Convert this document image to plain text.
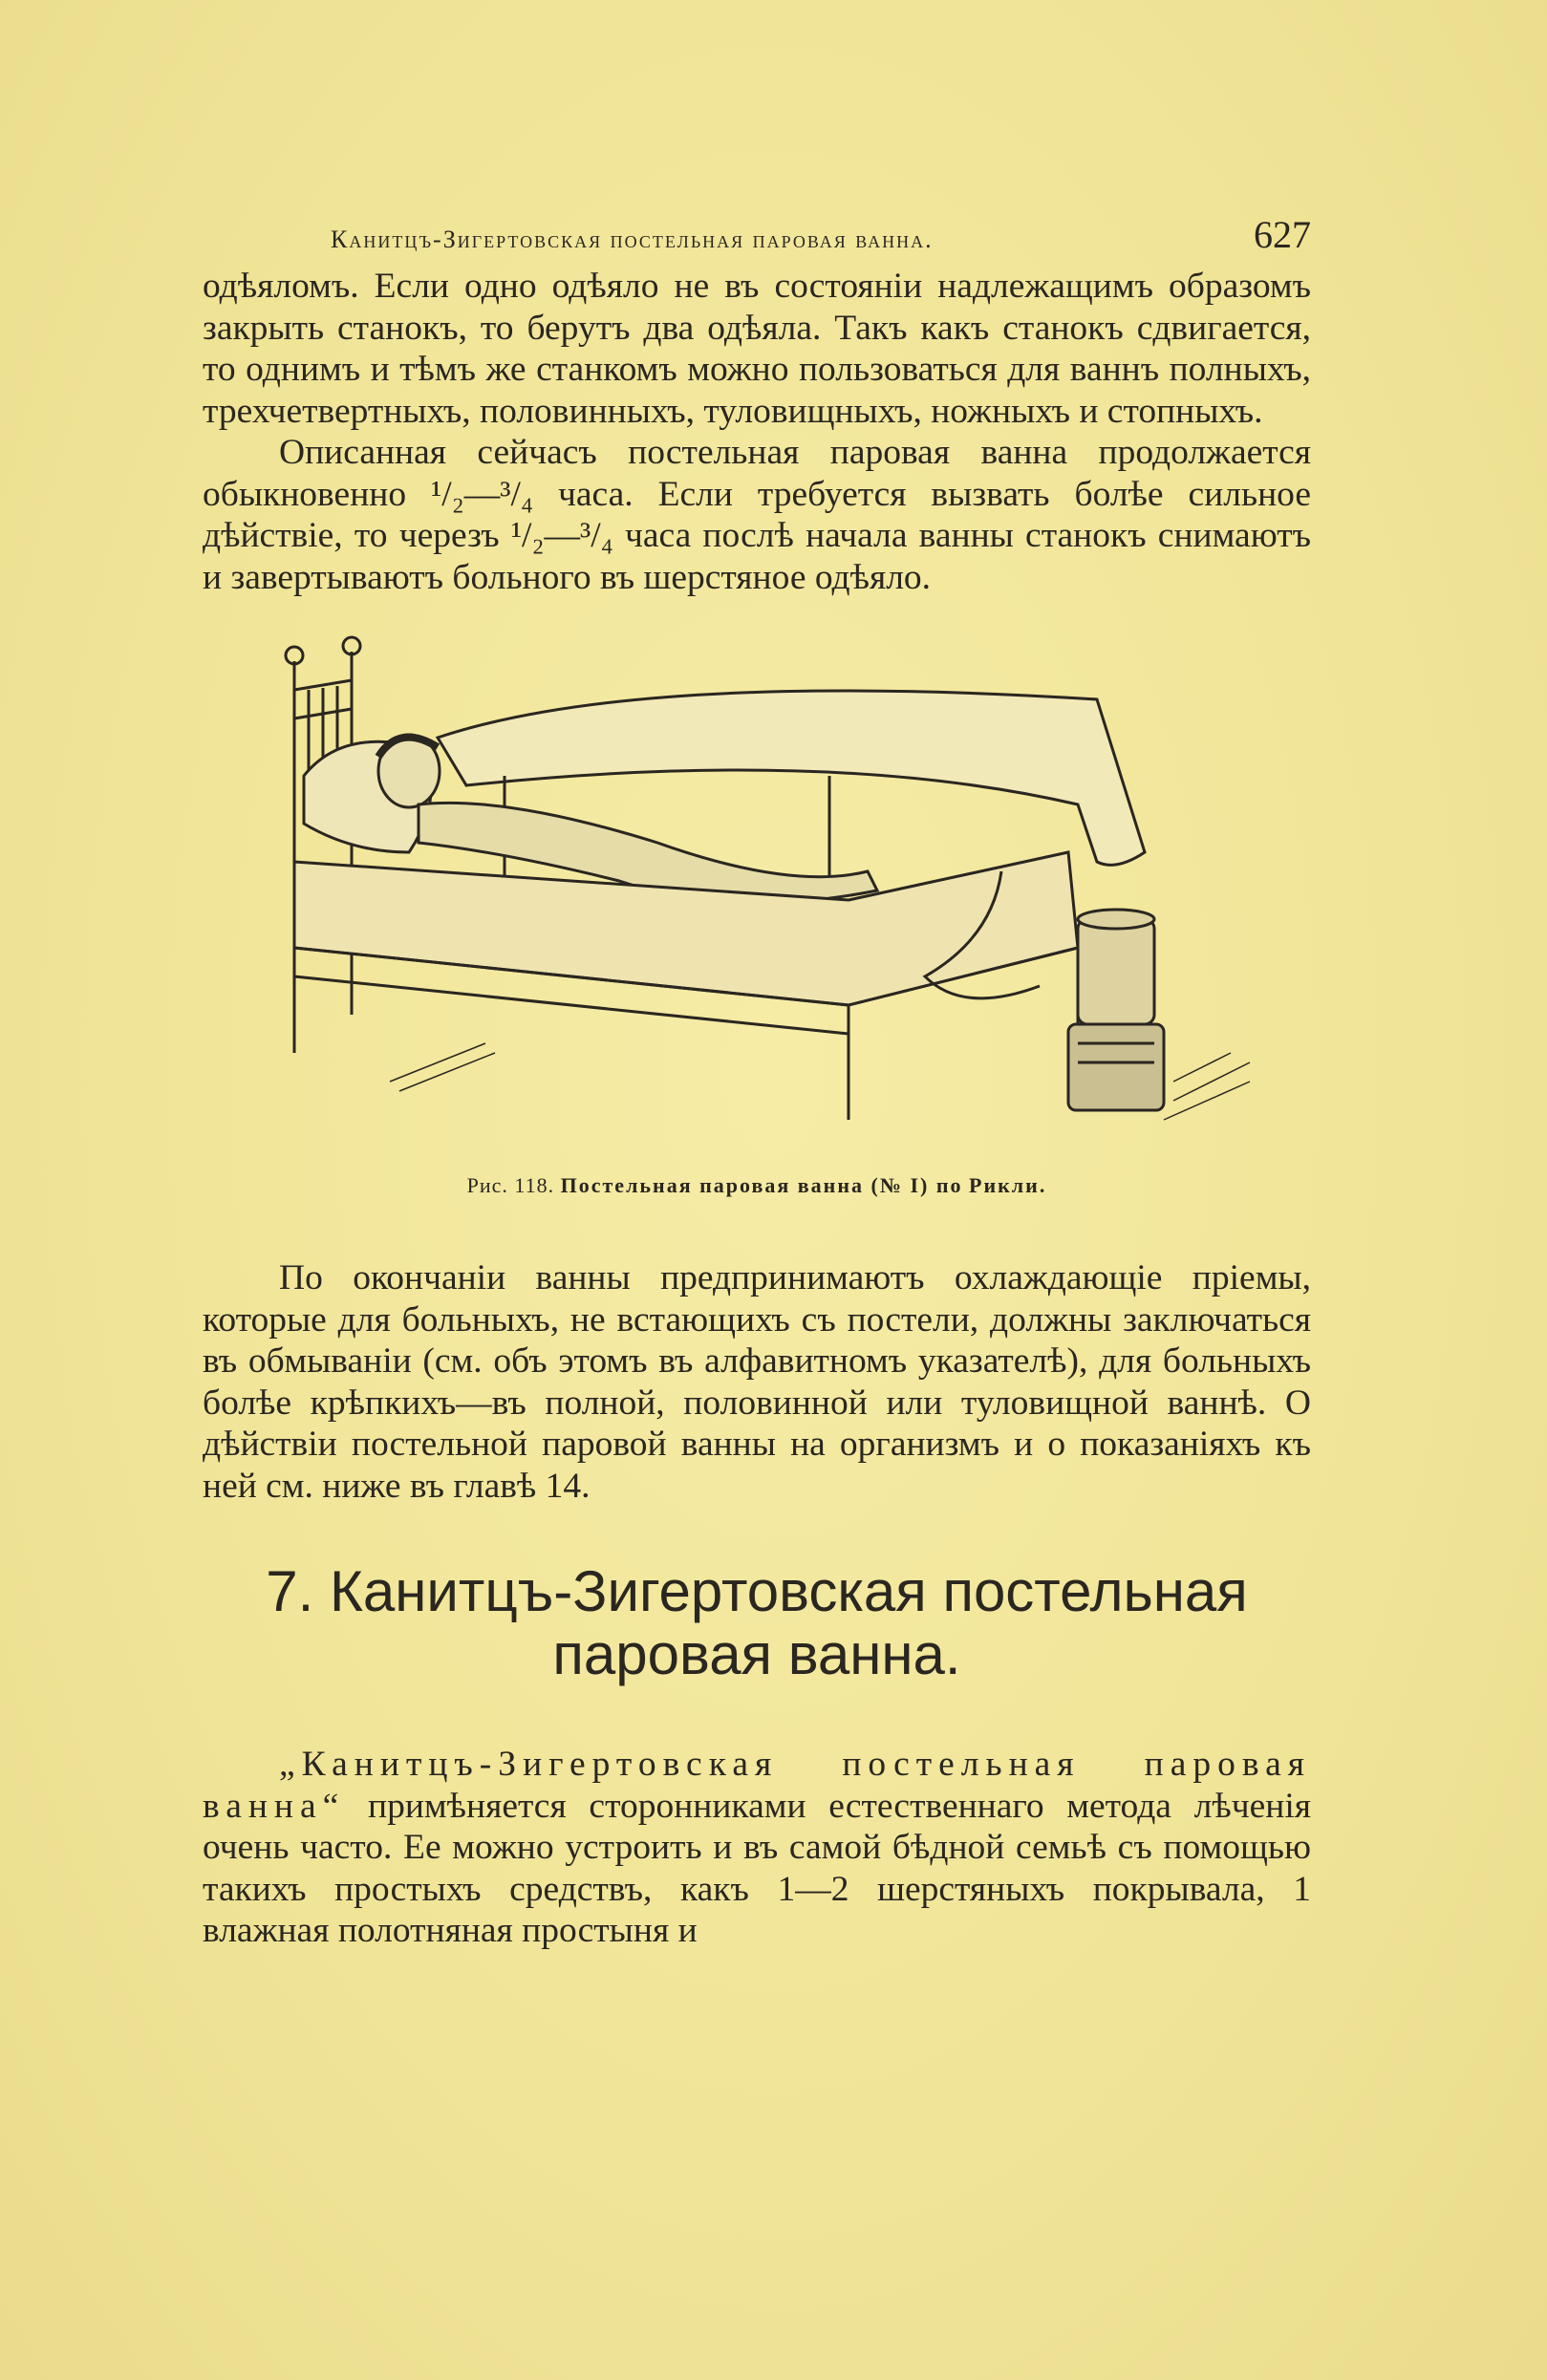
Канитцъ-Зигертовская постельная паровая ванна.	627

одѣяломъ. Если одно одѣяло не въ состоянiи надлежащимъ образомъ закрыть станокъ, то берутъ два одѣяла. Такъ какъ станокъ сдвигается, то однимъ и тѣмъ же станкомъ можно пользоваться для ваннъ полныхъ, трехчетвертныхъ, половинныхъ, туловищныхъ, ножныхъ и стопныхъ.

Описанная сейчасъ постельная паровая ванна продолжается обыкновенно ¹/₂—³/₄ часа. Если требуется вызвать болѣе сильное дѣйствiе, то черезъ ¹/₂—³/₄ часа послѣ начала ванны станокъ снимаютъ и завертываютъ больного въ шерстяное одѣяло.

Рис. 118. Постельная паровая ванна (№ I) по Рикли.

По окончанiи ванны предпринимаютъ охлаждающiе прiемы, которые для больныхъ, не встающихъ съ постели, должны заключаться въ обмыванiи (см. объ этомъ въ алфавитномъ указателѣ), для больныхъ болѣе крѣпкихъ—въ полной, половинной или туловищной ваннѣ. О дѣйствiи постельной паровой ванны на организмъ и о показанiяхъ къ ней см. ниже въ главѣ 14.

7. Канитцъ-Зигертовская постельная паровая ванна.

„Канитцъ-Зигертовская постельная паровая ванна“ примѣняется сторонниками естественнаго метода лѣченiя очень часто. Ее можно устроить и въ самой бѣдной семьѣ съ помощью такихъ простыхъ средствъ, какъ 1—2 шерстяныхъ покрывала, 1 влажная полотняная простыня и
